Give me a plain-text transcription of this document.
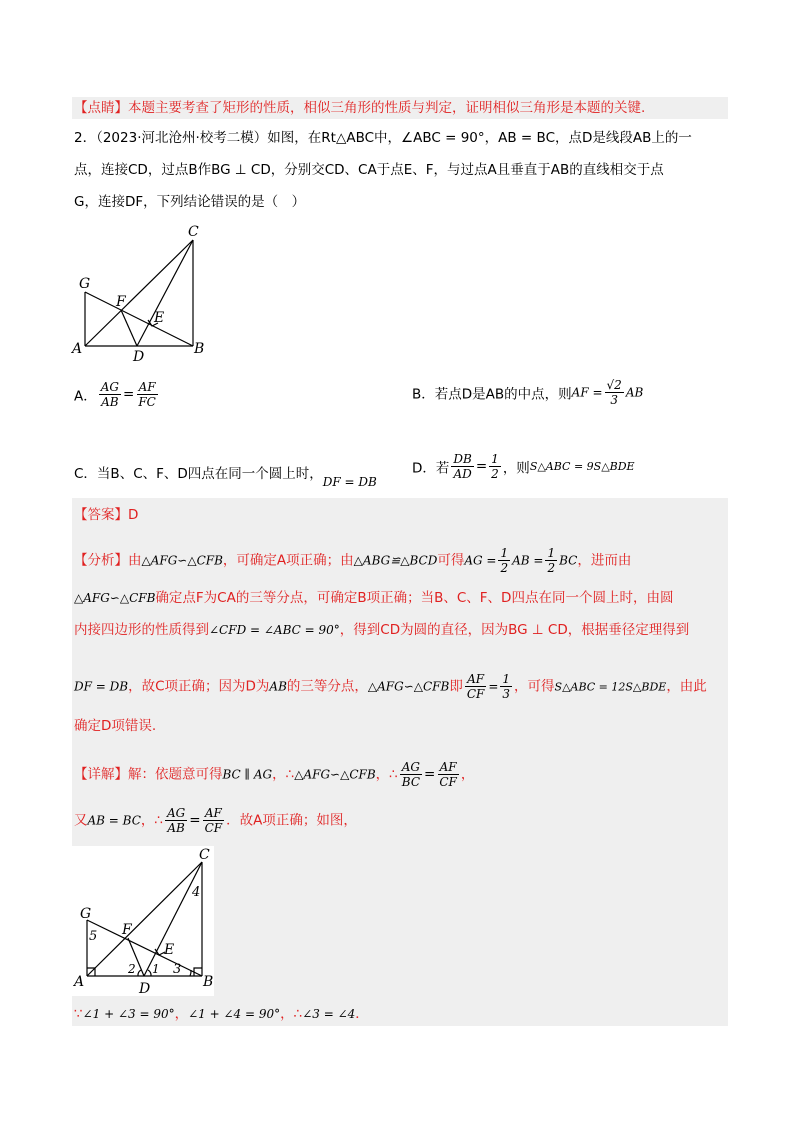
【点睛】本题主要考查了矩形的性质，相似三角形的性质与判定，证明相似三角形是本题的关键.
2．（2023·河北沧州·校考二模）如图，在Rt△ABC中，∠ABC = 90°，AB = BC，点D是线段AB上的一
点，连接CD，过点B作BG ⊥ CD，分别交CD、CA于点E、F，与过点A且垂直于AB的直线相交于点
G，连接DF，下列结论错误的是（　）
C
G
F
E
A	D	B
A． $\frac{AG}{AB} = \frac{AF}{FC}$	B．若点D是AB的中点，则AF = $\frac{√2}{3}$ AB
C．当B、C、F、D四点在同一个圆上时，DF = DB
D．若 $\frac{DB}{AD} = \frac{1}{2}$ ，则S△ABC = 9S△BDE
【答案】D
【分析】由△AFG∽△CFB，可确定A项正确；由△ABG≌△BCD可得AG = $\frac{1}{2}$ AB = $\frac{1}{2}$ BC，进而由
△AFG∽△CFB确定点F为CA的三等分点，可确定B项正确；当B、C、F、D四点在同一个圆上时，由圆
内接四边形的性质得到∠CFD = ∠ABC = 90°，得到CD为圆的直径，因为BG ⊥ CD，根据垂径定理得到
DF = DB，故C项正确；因为D为AB的三等分点，△AFG∽△CFB即 $\frac{AF}{CF} = \frac{1}{3}$ ，可得S△ABC = 12S△BDE，由此
确定D项错误.
【详解】解：依题意可得BC ∥ AG，∴△AFG∽△CFB，∴ $\frac{AG}{BC} = \frac{AF}{CF}$ ，
又AB = BC，∴ $\frac{AG}{AB} = \frac{AF}{CF}$ ．故A项正确；如图，
C
4
G
5 F
E
A
2 1 3
B
D
∵∠1 + ∠3 = 90°，∠1 + ∠4 = 90°，∴∠3 = ∠4．
